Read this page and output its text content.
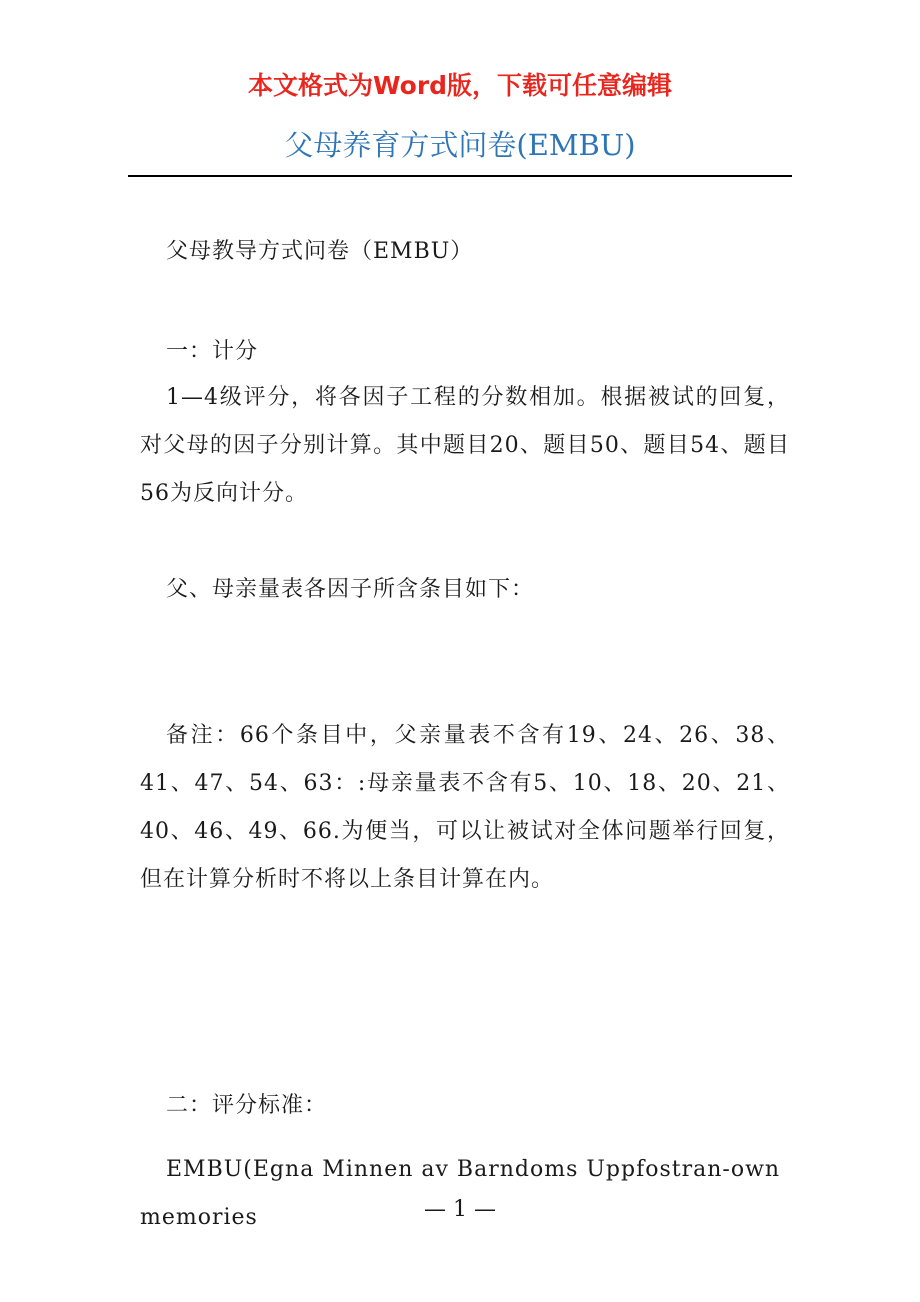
本文格式为Word版，下载可任意编辑
父母养育方式问卷(EMBU)

父母教导方式问卷（EMBU）

一：计分

1—4级评分，将各因子工程的分数相加。根据被试的回复，对父母的因子分别计算。其中题目20、题目50、题目54、题目56为反向计分。

父、母亲量表各因子所含条目如下：

备注：66个条目中，父亲量表不含有19、24、26、38、41、47、54、63：:母亲量表不含有5、10、18、20、21、40、46、49、66.为便当，可以让被试对全体问题举行回复，但在计算分析时不将以上条目计算在内。

二：评分标准：

EMBU(Egna Minnen av Barndoms Uppfostran-own memories	— 1 —
